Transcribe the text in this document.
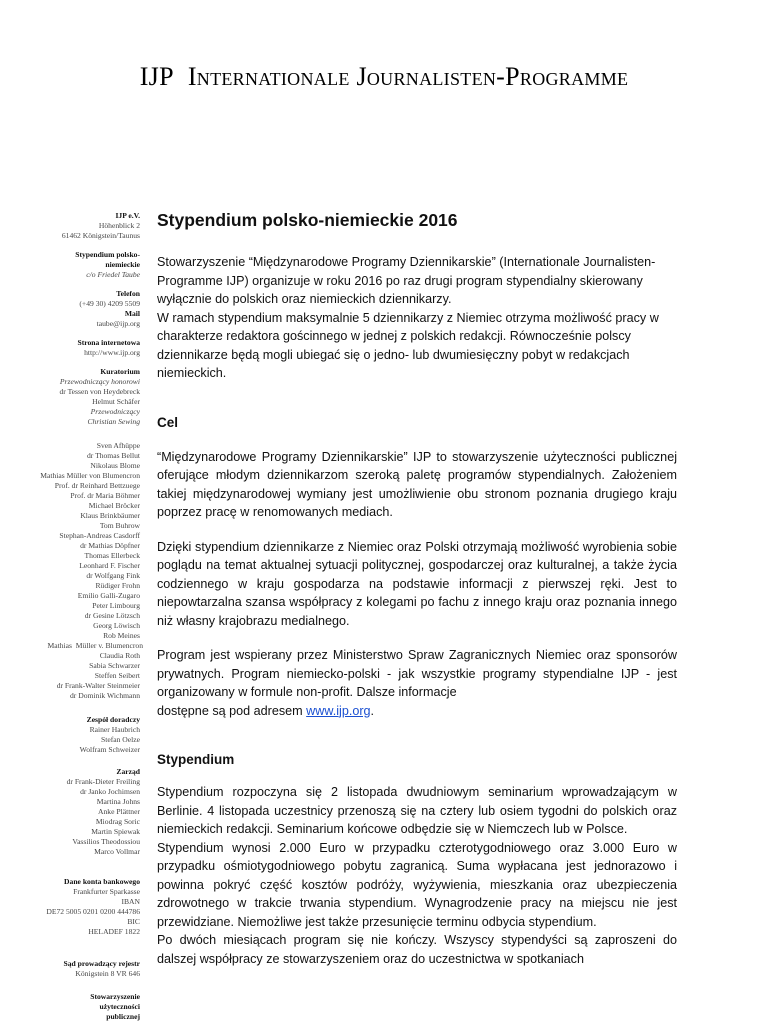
IJP Internationale Journalisten-Programme
IJP e.V.
Höhenblick 2
61462 Königstein/Taunus
Stypendium polsko-niemieckie
c/o Friedel Taube
Telefon
(+49 30) 4209 5509
Mail
taube@ijp.org
Strona internetowa
http://www.ijp.org
Kuratorium
Przewodniczący honorowi
dr Tessen von Heydebreck
Helmut Schäfer
Przewodniczący
Christian Sewing
Sven Afhüppe
dr Thomas Bellut
Nikolaus Blome
Mathias Müller von Blumencron
Prof. dr Reinhard Bettzuege
Prof. dr Maria Böhmer
Michael Bröcker
Klaus Brinkbäumer
Tom Buhrow
Stephan-Andreas Casdorff
dr Mathias Döpfner
Thomas Ellerbeck
Leonhard F. Fischer
dr Wolfgang Fink
Rüdiger Frohn
Emilio Galli-Zugaro
Peter Limbourg
dr Gesine Lötzsch
Georg Löwisch
Rob Meines
Mathias  Müller v. Blumencron
Claudia Roth
Sabia Schwarzer
Steffen Seibert
dr Frank-Walter Steinmeier
dr Dominik Wichmann
Zespół doradczy
Rainer Haubrich
Stefan Oelze
Wolfram Schweizer
Zarząd
dr Frank-Dieter Freiling
dr Janko Jochimsen
Martina Johns
Anke Plättner
Miodrag Soric
Martin Spiewak
Vassilios Theodossiou
Marco Vollmar
Dane konta bankowego
Frankfurter Sparkasse
IBAN
DE72 5005 0201 0200 444786
BIC
HELADEF 1822
Sąd prowadzący rejestr
Königstein 8 VR 646
Stowarzyszenie użyteczności publicznej
Stypendium polsko-niemieckie 2016

Stowarzyszenie “Międzynarodowe Programy Dziennikarskie” (Internationale Journalisten-Programme IJP) organizuje w roku 2016 po raz drugi program stypendialny skierowany wyłącznie do polskich oraz niemieckich dziennikarzy.

W ramach stypendium maksymalnie 5 dziennikarzy z Niemiec otrzyma możliwość pracy w charakterze redaktora gościnnego w jednej z polskich redakcji. Równocześnie polscy dziennikarze będą mogli ubiegać się o jedno- lub dwumiesięczny pobyt w redakcjach niemieckich.

Cel

“Międzynarodowe Programy Dziennikarskie” IJP to stowarzyszenie użyteczności publicznej oferujące młodym dziennikarzom szeroką paletę programów stypendialnych. Założeniem takiej międzynarodowej wymiany jest umożliwienie obu stronom poznania drugiego kraju poprzez pracę w renomowanych mediach.

Dzięki stypendium dziennikarze z Niemiec oraz Polski otrzymają możliwość wyrobienia sobie poglądu na temat aktualnej sytuacji politycznej, gospodarczej oraz kulturalnej, a także życia codziennego w kraju gospodarza na podstawie informacji z pierwszej ręki. Jest to niepowtarzalna szansa współpracy z kolegami po fachu z innego kraju oraz poznania innego niż własny krajobrazu medialnego.

Program jest wspierany przez Ministerstwo Spraw Zagranicznych Niemiec oraz sponsorów prywatnych. Program niemiecko-polski - jak wszystkie programy stypendialne IJP - jest organizowany w formule non-profit. Dalsze informacje

dostępne są pod adresem www.ijp.org.

Stypendium

Stypendium rozpoczyna się 2 listopada dwudniowym seminarium wprowadzającym w Berlinie. 4 listopada uczestnicy przenoszą się na cztery lub osiem tygodni do polskich oraz niemieckich redakcji. Seminarium końcowe odbędzie się w Niemczech lub w Polsce.

Stypendium wynosi 2.000 Euro w przypadku czterotygodniowego oraz 3.000 Euro w przypadku ośmiotygodniowego pobytu zagranicą. Suma wypłacana jest jednorazowo i powinna pokryć część kosztów podróży, wyżywienia, mieszkania oraz ubezpieczenia zdrowotnego w trakcie trwania stypendium. Wynagrodzenie pracy na miejscu nie jest przewidziane. Niemożliwe jest także przesunięcie terminu odbycia stypendium.

Po dwóch miesiącach program się nie kończy. Wszyscy stypendyści są zaproszeni do dalszej współpracy ze stowarzyszeniem oraz do uczestnictwa w spotkaniach
